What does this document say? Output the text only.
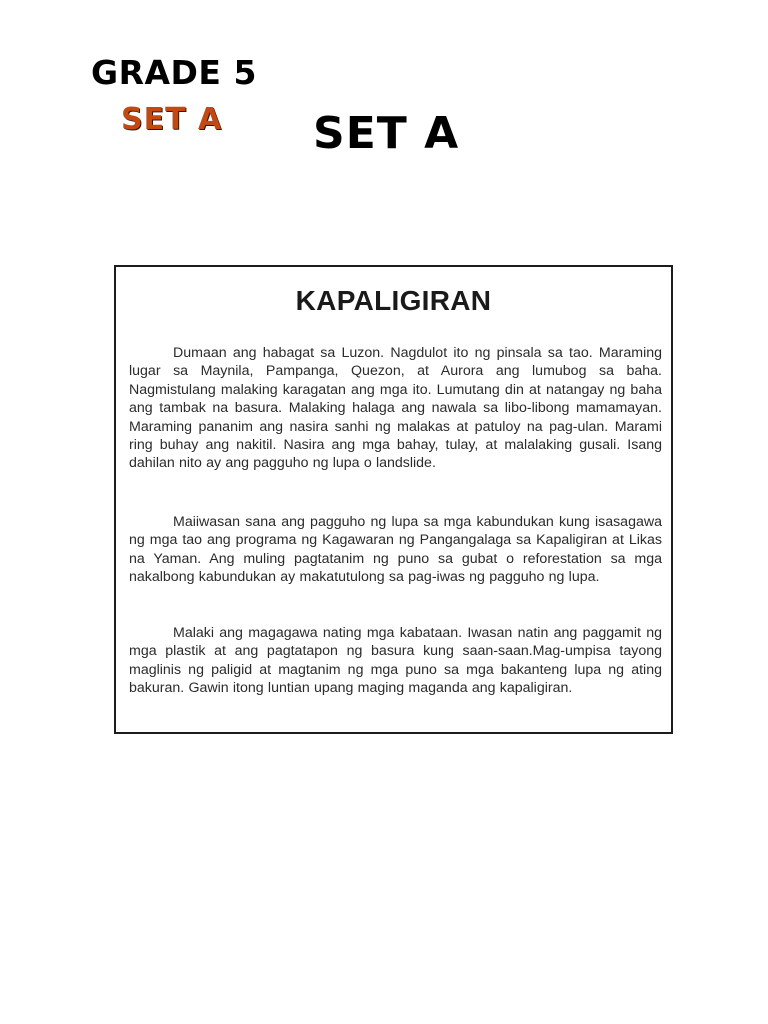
GRADE 5
SET A SET A
KAPALIGIRAN

Dumaan ang habagat sa Luzon. Nagdulot ito ng pinsala sa tao. Maraming lugar sa Maynila, Pampanga, Quezon, at Aurora ang lumubog sa baha. Nagmistulang malaking karagatan ang mga ito. Lumutang din at natangay ng baha ang tambak na basura. Malaking halaga ang nawala sa libo-libong mamamayan. Maraming pananim ang nasira sanhi ng malakas at patuloy na pag-ulan. Marami ring buhay ang nakitil. Nasira ang mga bahay, tulay, at malalaking gusali. Isang dahilan nito ay ang pagguho ng lupa o landslide.

Maiiwasan sana ang pagguho ng lupa sa mga kabundukan kung isasagawa ng mga tao ang programa ng Kagawaran ng Pangangalaga sa Kapaligiran at Likas na Yaman. Ang muling pagtatanim ng puno sa gubat o reforestation sa mga nakalbong kabundukan ay makatutulong sa pag-iwas ng pagguho ng lupa.

Malaki ang magagawa nating mga kabataan. Iwasan natin ang paggamit ng mga plastik at ang pagtatapon ng basura kung saan-saan.Mag-umpisa tayong maglinis ng paligid at magtanim ng mga puno sa mga bakanteng lupa ng ating bakuran. Gawin itong luntian upang maging maganda ang kapaligiran.
